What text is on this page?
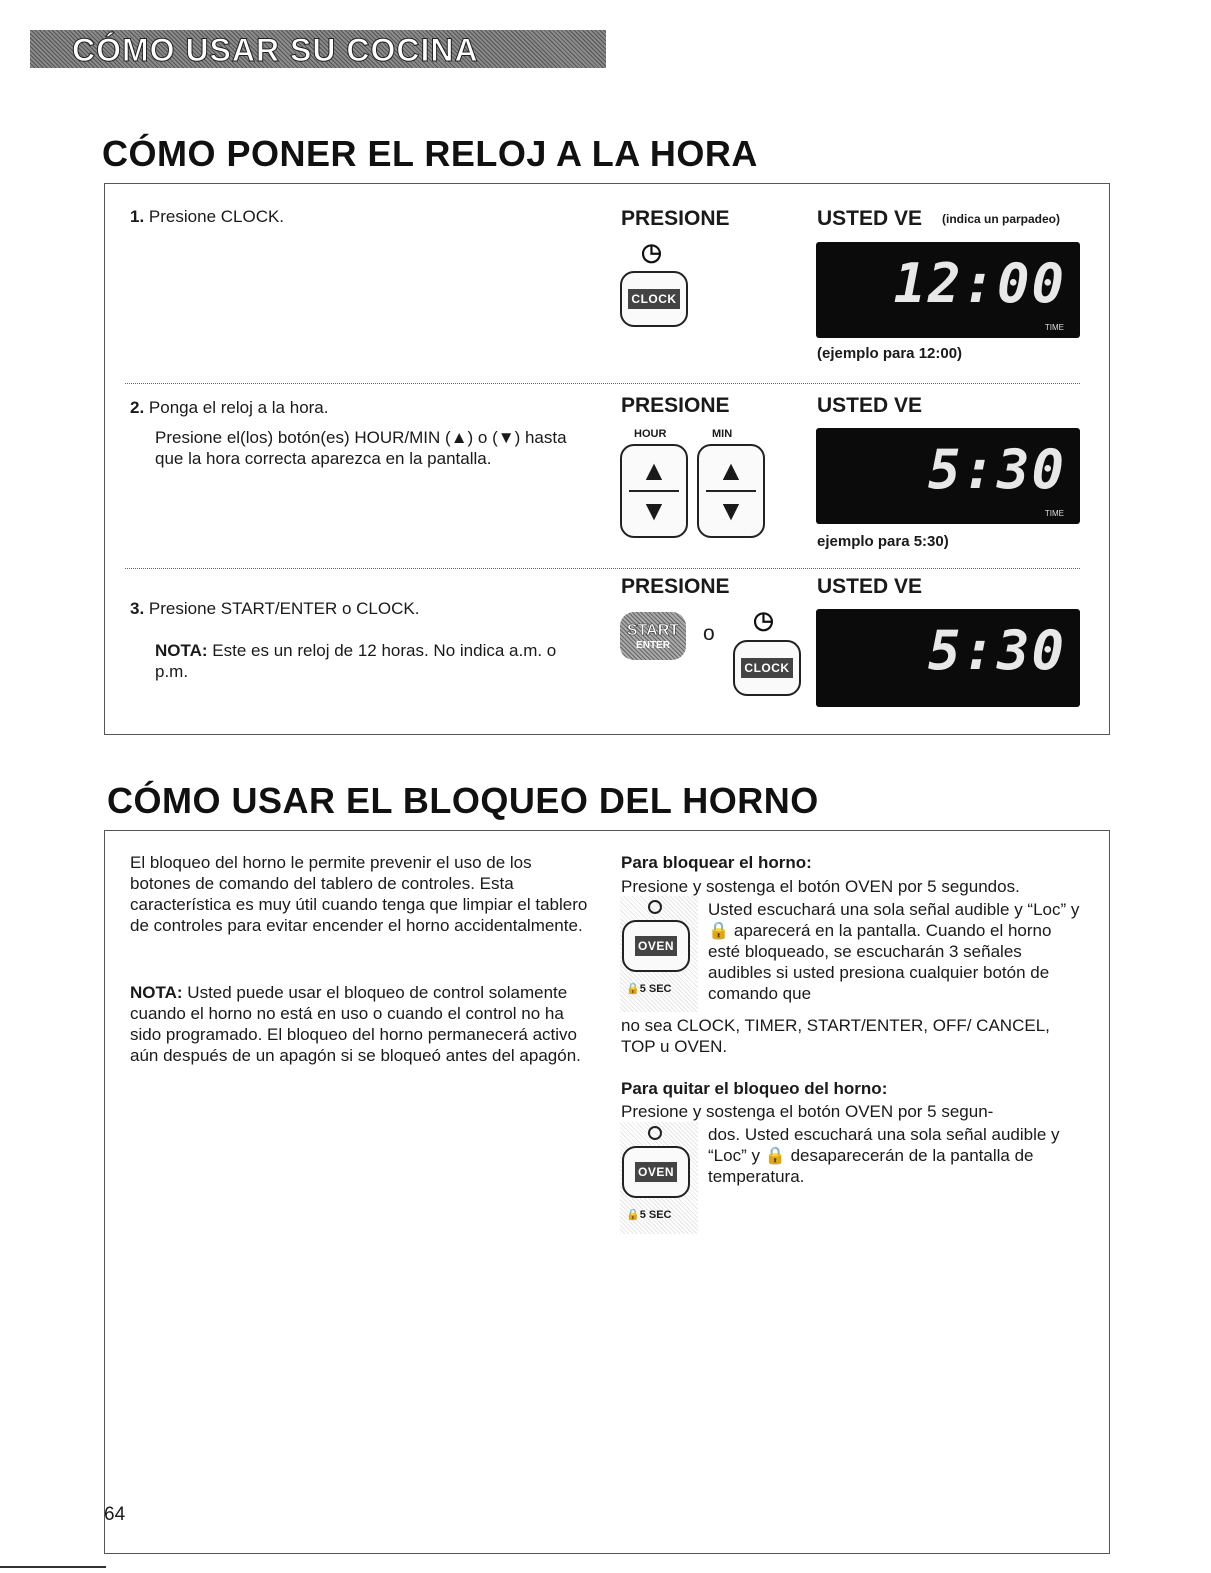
CÓMO USAR SU COCINA
CÓMO PONER EL RELOJ A LA HORA
1. Presione CLOCK.	PRESIONE	USTED VE (indica un parpadeo)
◷
CLOCK	12:00
TIME
(ejemplo para 12:00)
2. Ponga el reloj a la hora.
Presione el(los) botón(es) HOUR/MIN (▲) o (▼) hasta que la hora correcta aparezca en la pantalla.
PRESIONE	USTED VE
HOUR	MIN
▲
▼
▲
▼
5:30
TIME
ejemplo para 5:30)
3. Presione START/ENTER o CLOCK.
NOTA: Este es un reloj de 12 horas. No indica a.m. o p.m.
PRESIONE	USTED VE
START
ENTER o ◷
CLOCK	5:30
CÓMO USAR EL BLOQUEO DEL HORNO
El bloqueo del horno le permite prevenir el uso de los botones de comando del tablero de controles. Esta característica es muy útil cuando tenga que limpiar el tablero de controles para evitar encender el horno accidentalmente.
NOTA: Usted puede usar el bloqueo de control solamente cuando el horno no está en uso o cuando el control no ha sido programado. El bloqueo del horno permanecerá activo aún después de un apagón si se bloqueó antes del apagón.
Para bloquear el horno:
Presione y sostenga el botón OVEN por 5 segundos.
OVEN
🔒5 SEC
Usted escuchará una sola señal audible y “Loc” y 🔒 aparecerá en la pantalla. Cuando el horno esté bloqueado, se escucharán 3 señales audibles si usted presiona cualquier botón de comando que
no sea CLOCK, TIMER, START/ENTER, OFF/ CANCEL, TOP u OVEN.
Para quitar el bloqueo del horno:
Presione y sostenga el botón OVEN por 5 segun-
OVEN
🔒5 SEC
dos. Usted escuchará una sola señal audible y “Loc” y 🔒 desaparecerán de la pantalla de temperatura.
64
